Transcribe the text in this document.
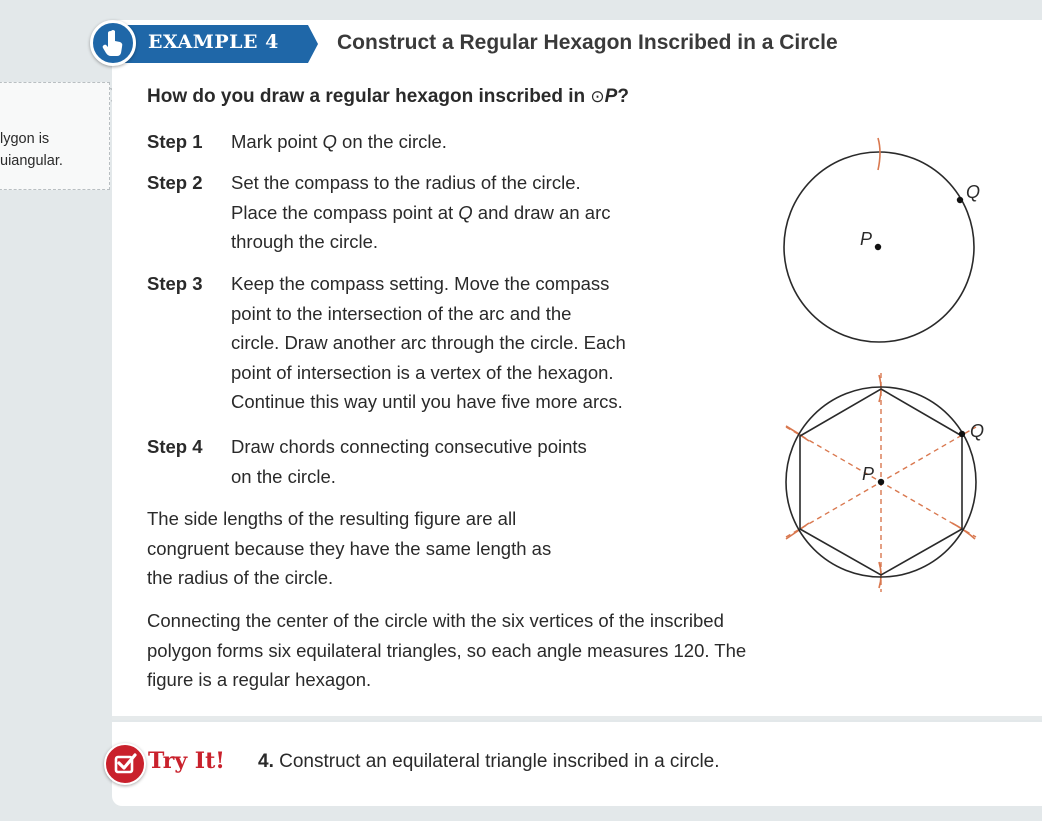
lygon is
uiangular.
EXAMPLE 4	Construct a Regular Hexagon Inscribed in a Circle
How do you draw a regular hexagon inscribed in ⊙P?
Step 1 Mark point Q on the circle.
Step 2 Set the compass to the radius of the circle.
Place the compass point at Q and draw an arc
through the circle.
Step 3 Keep the compass setting. Move the compass
point to the intersection of the arc and the
circle. Draw another arc through the circle. Each
point of intersection is a vertex of the hexagon.
Continue this way until you have five more arcs.
Step 4 Draw chords connecting consecutive points
on the circle.
The side lengths of the resulting figure are all
congruent because they have the same length as
the radius of the circle.
Connecting the center of the circle with the six vertices of the inscribed
polygon forms six equilateral triangles, so each angle measures 120. The
figure is a regular hexagon.
Q
P
Q
P
Try It! 4. Construct an equilateral triangle inscribed in a circle.
